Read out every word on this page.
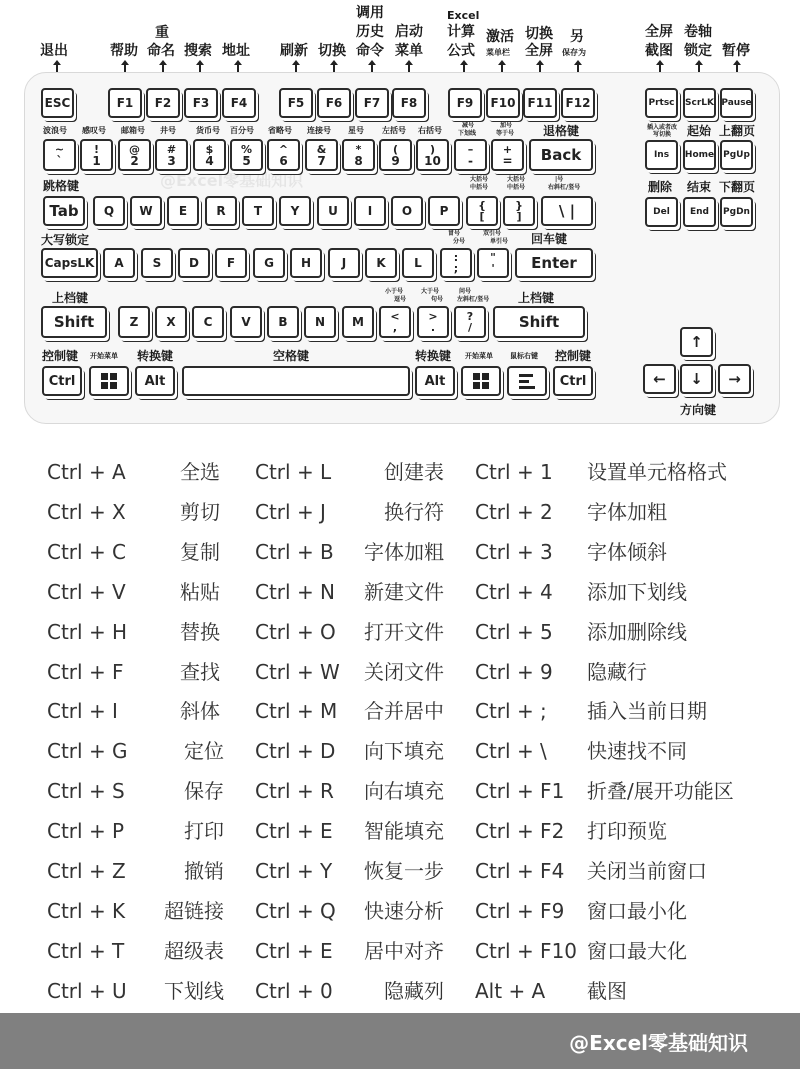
退出	帮助
重
命名 搜索 地址 刷新 切换
调用
历史
命令
启动
菜单
Excel
计算
公式
激活
菜单栏
切换
全屏
另
保存为
全屏
截图
卷轴
锁定 暂停
@Excel零基础知识
ESC	F1 F2 F3 F4	F5 F6 F7 F8	F9 F10 F11 F12	Prtsc ScrLK Pause
波浪号 感叹号 邮箱号 井号	货币号 百分号 省略号 连接号 星号 左括号 右括号
减号
下划线
加号
等于号 退格键
~
`
!
1
@
2
#
3
$
4
%
5
^
6
&
7
*
8
(
9
)
10
–
-
+
= Back
插入或者改写切换	起始 上翻页
Ins Home PgUp
删除 结束 下翻页
Del End PgDn
跳格键	大括号
中括号
大括号
中括号
|号
右斜杠/竖号
Tab Q W E R T Y U I O P	{
[
}
] \ |
大写锁定	冒号
分号
双引号
单引号 回车键
CapsLK A S D F G H	J	K L	:
;
"
' Enter
上档键	小于号
逗号
大于号
句号
问号
左斜杠/竖号 上档键
Shift	Z X C V B N M <
,
>
.
?
/	Shift
控制键 开始菜单 转换键	空格键	转换键 开始菜单 鼠标右键 控制键
Ctrl	Alt	Alt	Ctrl
↑
← ↓ →
方向键
Ctrl + A	全选	Ctrl + L	创建表 Ctrl + 1 设置单元格格式
Ctrl + X	剪切	Ctrl + J	换行符 Ctrl + 2 字体加粗
Ctrl + C	复制	Ctrl + B	字体加粗 Ctrl + 3 字体倾斜
Ctrl + V	粘贴	Ctrl + N	新建文件 Ctrl + 4 添加下划线
Ctrl + H	替换	Ctrl + O	打开文件 Ctrl + 5 添加删除线
Ctrl + F	查找	Ctrl + W	关闭文件 Ctrl + 9 隐藏行
Ctrl + I	斜体	Ctrl + M	合并居中 Ctrl + ; 插入当前日期
Ctrl + G	定位 Ctrl + D	向下填充 Ctrl + \ 快速找不同
Ctrl + S	保存 Ctrl + R	向右填充 Ctrl + F1 折叠/展开功能区
Ctrl + P	打印 Ctrl + E	智能填充 Ctrl + F2 打印预览
Ctrl + Z	撤销 Ctrl + Y	恢复一步 Ctrl + F4 关闭当前窗口
Ctrl + K	超链接 Ctrl + Q	快速分析 Ctrl + F9 窗口最小化
Ctrl + T	超级表 Ctrl + E	居中对齐 Ctrl + F10 窗口最大化
Ctrl + U	下划线 Ctrl + 0	隐藏列 Alt + A 截图
@Excel零基础知识
